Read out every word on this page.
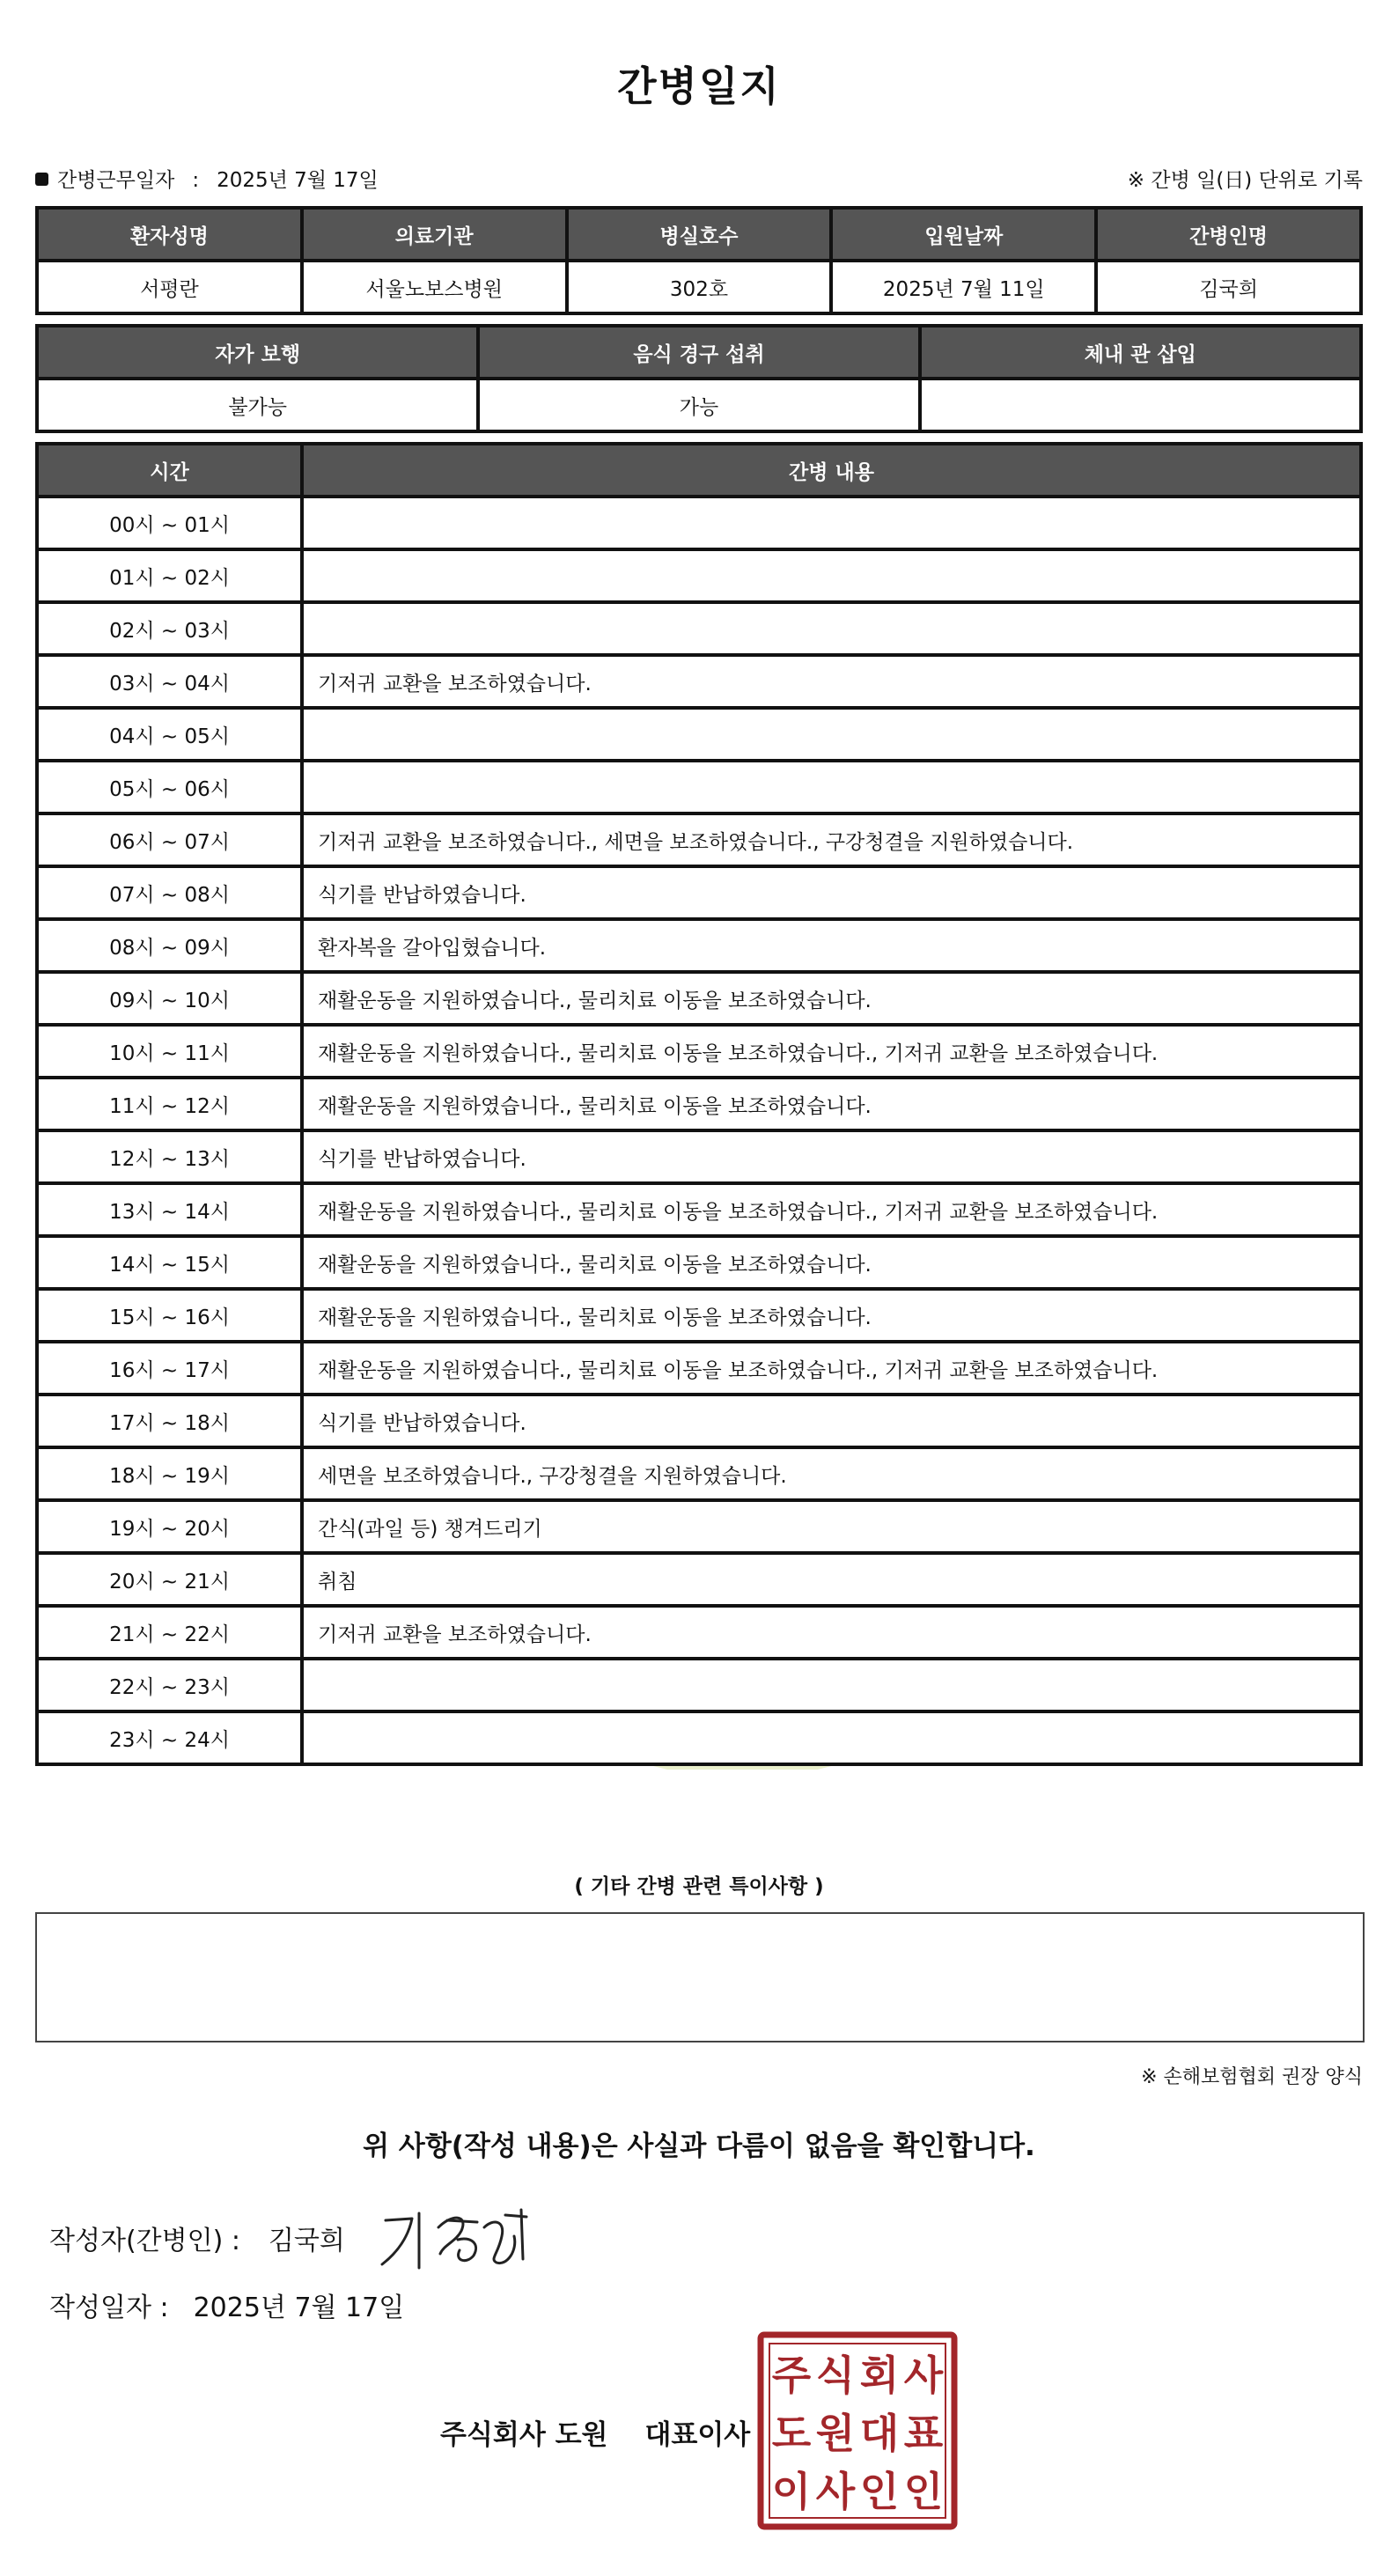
간병일지
간병근무일자 : 2025년 7월 17일	※ 간병 일(日) 단위로 기록
환자성명	의료기관	병실호수	입원날짜	간병인명
서평란	서울노보스병원	302호	2025년 7월 11일	김국희
자가 보행	음식 경구 섭취	체내 관 삽입
불가능	가능	
시간	간병 내용
00시 ~ 01시	
01시 ~ 02시	
02시 ~ 03시	
03시 ~ 04시	기저귀 교환을 보조하였습니다.
04시 ~ 05시	
05시 ~ 06시	
06시 ~ 07시	기저귀 교환을 보조하였습니다., 세면을 보조하였습니다., 구강청결을 지원하였습니다.
07시 ~ 08시	식기를 반납하였습니다.
08시 ~ 09시	환자복을 갈아입혔습니다.
09시 ~ 10시	재활운동을 지원하였습니다., 물리치료 이동을 보조하였습니다.
10시 ~ 11시	재활운동을 지원하였습니다., 물리치료 이동을 보조하였습니다., 기저귀 교환을 보조하였습니다.
11시 ~ 12시	재활운동을 지원하였습니다., 물리치료 이동을 보조하였습니다.
12시 ~ 13시	식기를 반납하였습니다.
13시 ~ 14시	재활운동을 지원하였습니다., 물리치료 이동을 보조하였습니다., 기저귀 교환을 보조하였습니다.
14시 ~ 15시	재활운동을 지원하였습니다., 물리치료 이동을 보조하였습니다.
15시 ~ 16시	재활운동을 지원하였습니다., 물리치료 이동을 보조하였습니다.
16시 ~ 17시	재활운동을 지원하였습니다., 물리치료 이동을 보조하였습니다., 기저귀 교환을 보조하였습니다.
17시 ~ 18시	식기를 반납하였습니다.
18시 ~ 19시	세면을 보조하였습니다., 구강청결을 지원하였습니다.
19시 ~ 20시	간식(과일 등) 챙겨드리기
20시 ~ 21시	취침
21시 ~ 22시	기저귀 교환을 보조하였습니다.
22시 ~ 23시	
23시 ~ 24시	
( 기타 간병 관련 특이사항 )
※ 손해보험협회 권장 양식
위 사항(작성 내용)은 사실과 다름이 없음을 확인합니다.
작성자(간병인) : 김국희
작성일자 : 2025년 7월 17일
주식회사 도원 대표이사
주 식 회 사
도 원 대 표
이 사 인 인
